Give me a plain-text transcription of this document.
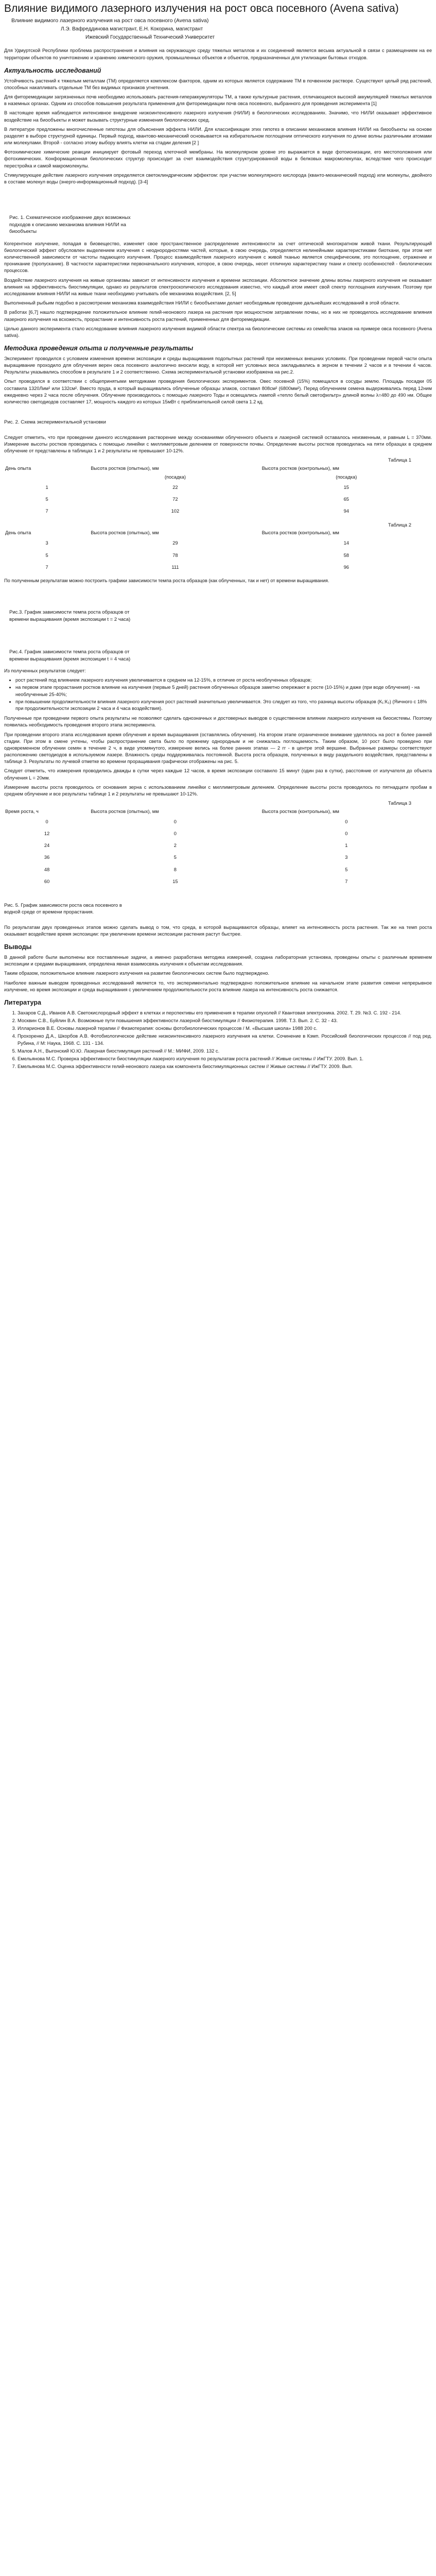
Влияние видимого лазерного излучения на рост овса посевного (Avena sativa)
Влияние видимого лазерного излучения на рост овса посевного (Avena sativa)
Л.Э. Вафреддинова магистрант, Е.Н. Кокорина, магистрант
Ижевский Государственный Технический Университет

Для Удмуртской Республики проблема распространения и влияния на окружающую среду тяжелых металлов и их соединений является весьма актуальной в связи с размещением на ее территории объектов по уничтожению и хранению химического оружия, промышленных объектов и объектов, предназначенных для утилизации бытовых отходов.

Актуальность исследований

Устойчивость растений к тяжелым металлам (ТМ) определяется комплексом факторов, одним из которых является содержание ТМ в почвенном растворе. Существуют целый ряд растений, способных накапливать отдельные ТМ без видимых признаков угнетения.

Для фиторемедиации загрязненных почв необходимо использовать растения-гипераккумуляторы ТМ, а также культурные растения, отличающиеся высокой аккумуляцией тяжелых металлов в наземных органах. Одним из способов повышения результата применения для фиторемедиации почв овса посевного, выбранного для проведения эксперимента [1]

В настоящее время наблюдается интенсивное внедрение низкоинтенсивного лазерного излучения (НИЛИ) в биологических исследованиях. Значимо, что НИЛИ оказывает эффективное воздействие на биообъекты и может вызывать структурные изменения биологических сред.

В литературе предложены многочисленные гипотезы для объяснения эффекта НИЛИ. Для классификации этих гипотез в описании механизмов влияния НИЛИ на биообъекты на основе разделят в выборе структурной единицы. Первый подход, квантово-механический основывается на избирательном поглощении оптического излучения по длине волны различными атомами или молекулами. Второй - согласно этому выбору влиять клетки на стадии деления [2 ]

Фотохимические химические реакции инициирует фотовый переход клеточной мембраны. На молекулярном уровне это выражается в виде фотоионизации, его местоположения или фотохимических. Конформационная биологических структур происходит за счет взаимодействия структурированной воды в белковых макромолекулах, вследствие чего происходит перестройка и самой макромолекулы.

Стимулирующее действие лазерного излучения определяется светоклиндрическим эффектом: при участии молекулярного кислорода (кванто-механический подход) или молекулы, двойного в составе молекул воды (энерго-информационный подход). [3-4]

Рис. 1. Схематическое изображение двух возможных подходов к описанию механизма влияния НИЛИ на биообъекты

Когерентное излучение, попадая в биовещество, изменяет свое пространственное распределение интенсивности за счет оптической многократном живой ткани. Результирующий биологический эффект обусловлен выделением излучения с неоднородностями частей, которые, в свою очередь, определяется нелинейными характеристиками биоткани, при этом нет количественной зависимости от частоты падающего излучения. Процесс взаимодействия лазерного излучения с живой тканью является специфическим, это поглощение, отражение и проникание (пропускание). В частности характеристики первоначального излучения, которое, в свою очередь, несет отличную характеристику ткани и спектр особенностей - биологических процессов.

Воздействие лазерного излучения на живые организмы зависит от интенсивности излучения и времени экспозиции. Абсолютное значение длины волны лазерного излучения не оказывает влияния на эффективность биостимуляции, однако из результатов спектроскопического исследования известно, что каждый атом имеет свой спектр поглощения излучения. Поэтому при исследовании влияния НИЛИ на живые ткани необходимо учитывать обе механизма воздействия. [2, 5]

Выполненный рыбьим подобно в рассмотрении механизма взаимодействия НИЛИ с биообъектами делает необходимым проведение дальнейших исследований в этой области.

В работах [6,7] нашло подтверждение положительное влияние гелий-неонового лазера на растения при мощностном затравлении почвы, но в них не проводилось исследование влияния лазерного излучения на всхожесть, прорастание и интенсивность роста растений, примененных для фиторемедиации.

Целью данного эксперимента стало исследование влияния лазерного излучения видимой области спектра на биологические системы из семейства злаков на примере овса посевного (Avena sativa).

Методика проведения опыта и полученные результаты

Эксперимент проводился с условием изменения времени экспозиции и среды выращивания подопытных растений при неизменных внешних условиях. При проведении первой части опыта выращивание проходило для облучения верен овса посевного аналогично вносили воду, в которой нет условных веса закладывались в зерном в течении 2 часов и в течении 4 часов. Результаты указывались способом в результате 1 и 2 соответственно. Схема экспериментальной установки изображена на рис.2.

Опыт проводился в соответствии с общепринятыми методиками проведения биологических экспериментов. Овес посевной (15%) помещался в сосуды землю. Площадь посадки 05 составила 1320Лим² или 132см². Вместо пруда, в который выращивались облученные образцы злаков, составил 808см² (6800мм²). Перед облучением семена выдерживались перед 12ним ежедневно через 2 часа после облучения. Облучение производилось с помощью лазерного Тоды и освещались лампой «тепло белый светофильтр» длиной волны λ=480 до 490 нм. Общее количество светодиодов составляет 17, мощность каждого из которых 15мВт с приблизительной силой света 1.2 кд.

Рис. 2. Схема экспериментальной установки

Следует отметить, что при проведении данного исследования растворение между основаниями облученного объекта и лазерной системой оставалось неизменным, и равным L = 370мм. Измерение высоты ростков проводилась с помощью линейки с миллиметровым делением от поверхности почвы. Определение высоты ростков проводилась на пяти образцах в среднем облучение от представлены в таблицах 1 и 2 результаты не превышают 10-12%.

Таблица 1
День опыта	Высота ростков (опытных), мм	Высота ростков (контрольных), мм
	(посадка)	(посадка)
1	22	15
5	72	65
7	102	94
Таблица 2
День опыта	Высота ростков (опытных), мм	Высота ростков (контрольных), мм
3	29	14
5	78	58
7	111	96

По полученным результатам можно построить графики зависимости темпа роста образцов (как облученных, так и нет) от времени выращивания.

Рис.3. График зависимости темпа роста образцов от времени выращивания (время экспозиции t = 2 часа)
Рис.4. График зависимости темпа роста образцов от времени выращивания (время экспозиции t = 4 часа)

Из полученных результатов следует:

• рост растений под влиянием лазерного излучения увеличивается в среднем на 12-15%, в отличие от роста необлученных образцов;
• на первом этапе прорастания ростков влияние на излучения (первые 5 дней) растения облученных образцов заметно опережают в росте (10-15%) и даже (при воде облучения) - на необлученные 25-40%;
• при повышении продолжительности влияния лазерного излучения рост растений значительно увеличивается. Это следует из того, что разница высоты образцов (К₁:К₂) (Яичного с 18% при продолжительности экспозиции 2 часа и 4 часа воздействия).

Полученные при проведении первого опыта результаты не позволяют сделать однозначных и достоверных выводов о существенном влиянии лазерного излучения на биосистемы. Поэтому появилась необходимость проведения второго этапа эксперимента.

При проведении второго этапа исследования время облучения и время выращивания (оставлялись облучения). На втором этапе ограниченное внимание уделялось на рост в более ранней стадии. При этом в смене учтены, чтобы распространение света было по прежнему однородным и не снижалась поглощаемость. Таким образом, 10 рост было проведено при одновременном облучении семян в течение 2 ч, в виде упомянутого, измерение велись на более ранних этапах — 2 гг - в центре этой вершине. Выбранные размеры соответствуют расположению светодиодов в используемом лазере. Влажность среды поддерживалась постоянной. Высота роста образцов, полученных в виду раздельного воздействия, представлены в таблице 3. Результаты по лучевой отметке во времени проращивания графически отображены на рис. 5.

Следует отметить, что измерения проводились дважды в сутки через каждые 12 часов, в время экспозиции составило 15 минут (один раз в сутки), расстояние от излучателя до объекта облучения L = 20мм.

Измерение высоты роста проводилось от основания зерна с использованием линейки с миллиметровым делением. Определение высоты роста проводилось по пятнадцати пробам в среднем облучение и все результаты таблице 1 и 2 результаты не превышают 10-12%.

Таблица 3
Время роста, ч	Высота ростков (опытных), мм	Высота ростков (контрольных), мм
0	0	0
12	0	0
24	2	1
36	5	3
48	8	5
60	15	7
Рис. 5. График зависимости роста овса посевного в водной среде от времени прорастания.

По результатам двух проведенных этапов можно сделать вывод о том, что среда, в которой выращиваются образцы, влияет на интенсивность роста растения. Так же на темп роста оказывает воздействие время экспозиции: при увеличении времени экспозиции растения растут быстрее.

Выводы

В данной работе были выполнены все поставленные задачи, а именно разработана методика измерений, создана лабораторная установка, проведены опыты с различным временем экспозиции и средами выращивания, определена явная взаимосвязь излучения к объектам исследования.

Таким образом, положительное влияние лазерного излучения на развитие биологических систем было подтверждено.

Наиболее важным выводом проведенных исследований является то, что экспериментально подтверждено положительное влияние на начальном этапе развития семени непрерывное излучение, но время экспозиции и среда выращивания с увеличением продолжительности роста влияние лазера на интенсивность роста снижается.

Литература
1. Захаров С.Д., Иванов А.В. Светокислородный эффект в клетках и перспективы его применения в терапии опухолей // Квантовая электроника. 2002. Т. 29. №3. С. 192 - 214.
2. Москвин С.В., Буйлин В.А. Возможные пути повышения эффективности лазерной биостимуляции // Физиотерапия. 1998. Т.3. Вып. 2. С. 32 - 43.
3. Илларионов В.Е. Основы лазерной терапии // Физиотерапия: основы фотобиологических процессов / М. «Высшая школа» 1988 200 с.
4. Прохоренко Д.А., Шкорбов А.В. Фотобиологическое действие низкоинтенсивного лазерного излучения на клетки. Сочинение в Кэмп. Российский биологических процессов // под ред. Рубина, // М: Наука, 1968. С. 131 - 134.
5. Малов А.Н., Выгонский Ю.Ю. Лазерная биостимуляция растений // М.: МИФИ, 2009. 132 с.
6. Емельянова М.С. Проверка эффективности биостимуляции лазерного излучения по результатам роста растений // Живые системы // ИжГТУ. 2009. Вып. 1.
7. Емельянова М.С. Оценка эффективности гелий-неонового лазера как компонента биостимуляционных систем // Живые системы // ИжГТУ. 2009. Вып.
